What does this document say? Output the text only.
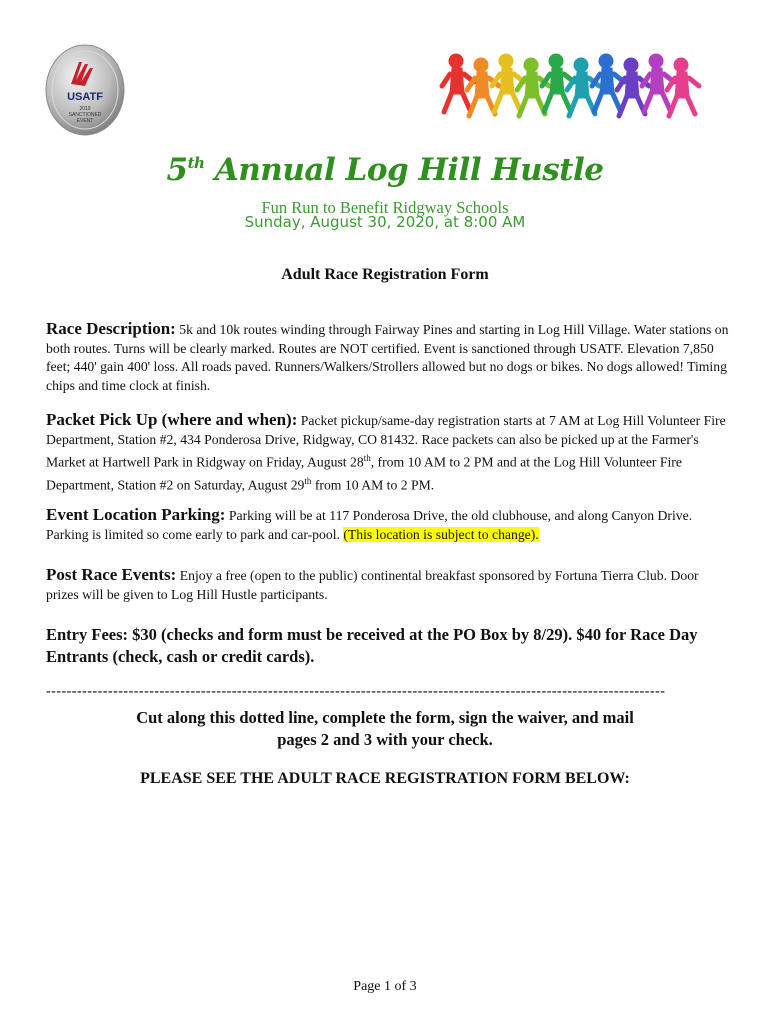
USATF
2019
SANCTIONED
EVENT
5th Annual Log Hill Hustle
Fun Run to Benefit Ridgway Schools
Sunday, August 30, 2020, at 8:00 AM
Adult Race Registration Form
Race Description: 5k and 10k routes winding through Fairway Pines and starting in Log Hill Village. Water stations on both routes. Turns will be clearly marked. Routes are NOT certified. Event is sanctioned through USATF. Elevation 7,850 feet; 440' gain 400' loss. All roads paved. Runners/Walkers/Strollers allowed but no dogs or bikes. No dogs allowed! Timing chips and time clock at finish.
Packet Pick Up (where and when): Packet pickup/same-day registration starts at 7 AM at Log Hill Volunteer Fire Department, Station #2, 434 Ponderosa Drive, Ridgway, CO 81432. Race packets can also be picked up at the Farmer's Market at Hartwell Park in Ridgway on Friday, August 28th, from 10 AM to 2 PM and at the Log Hill Volunteer Fire Department, Station #2 on Saturday, August 29th from 10 AM to 2 PM.
Event Location Parking: Parking will be at 117 Ponderosa Drive, the old clubhouse, and along Canyon Drive. Parking is limited so come early to park and car-pool. (This location is subject to change).
Post Race Events: Enjoy a free (open to the public) continental breakfast sponsored by Fortuna Tierra Club. Door prizes will be given to Log Hill Hustle participants.
Entry Fees: $30 (checks and form must be received at the PO Box by 8/29). $40 for Race Day Entrants (check, cash or credit cards).
------------------------------------------------------------------------------------------------------------------------
Cut along this dotted line, complete the form, sign the waiver, and mail
pages 2 and 3 with your check.
PLEASE SEE THE ADULT RACE REGISTRATION FORM BELOW:
Page 1 of 3
